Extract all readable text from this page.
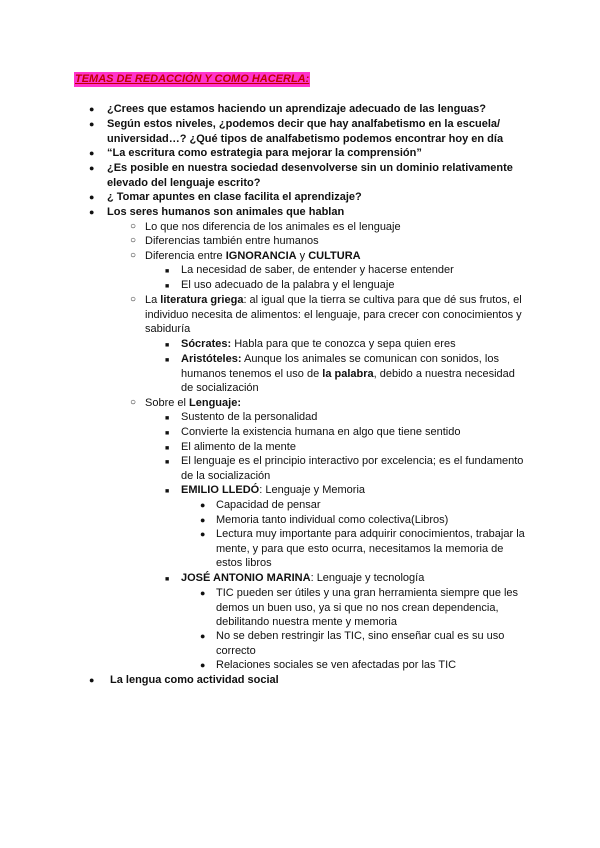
TEMAS DE REDACCIÓN Y COMO HACERLA:
● ¿Crees que estamos haciendo un aprendizaje adecuado de las lenguas?
● Según estos niveles, ¿podemos decir que hay analfabetismo en la escuela/ universidad…? ¿Qué tipos de analfabetismo podemos encontrar hoy en día
● “La escritura como estrategia para mejorar la comprensión”
● ¿Es posible en nuestra sociedad desenvolverse sin un dominio relativamente elevado del lenguaje escrito?
● ¿ Tomar apuntes en clase facilita el aprendizaje?
● Los seres humanos son animales que hablan
○ Lo que nos diferencia de los animales es el lenguaje
○ Diferencias también entre humanos
○ Diferencia entre IGNORANCIA y CULTURA
■ La necesidad de saber, de entender y hacerse entender
■ El uso adecuado de la palabra y el lenguaje
○ La literatura griega: al igual que la tierra se cultiva para que dé sus frutos, el individuo necesita de alimentos: el lenguaje, para crecer con conocimientos y sabiduría
■ Sócrates: Habla para que te conozca y sepa quien eres
■ Aristóteles: Aunque los animales se comunican con sonidos, los humanos tenemos el uso de la palabra, debido a nuestra necesidad de socialización
○ Sobre el Lenguaje:
■ Sustento de la personalidad
■ Convierte la existencia humana en algo que tiene sentido
■ El alimento de la mente
■ El lenguaje es el principio interactivo por excelencia; es el fundamento de la socialización
■ EMILIO LLEDÓ: Lenguaje y Memoria
● Capacidad de pensar
● Memoria tanto individual como colectiva(Libros)
● Lectura muy importante para adquirir conocimientos, trabajar la mente, y para que esto ocurra, necesitamos la memoria de estos libros
■ JOSÉ ANTONIO MARINA: Lenguaje y tecnología
● TIC pueden ser útiles y una gran herramienta siempre que les demos un buen uso, ya si que no nos crean dependencia, debilitando nuestra mente y memoria
● No se deben restringir las TIC, sino enseñar cual es su uso correcto
● Relaciones sociales se ven afectadas por las TIC
● La lengua como actividad social
